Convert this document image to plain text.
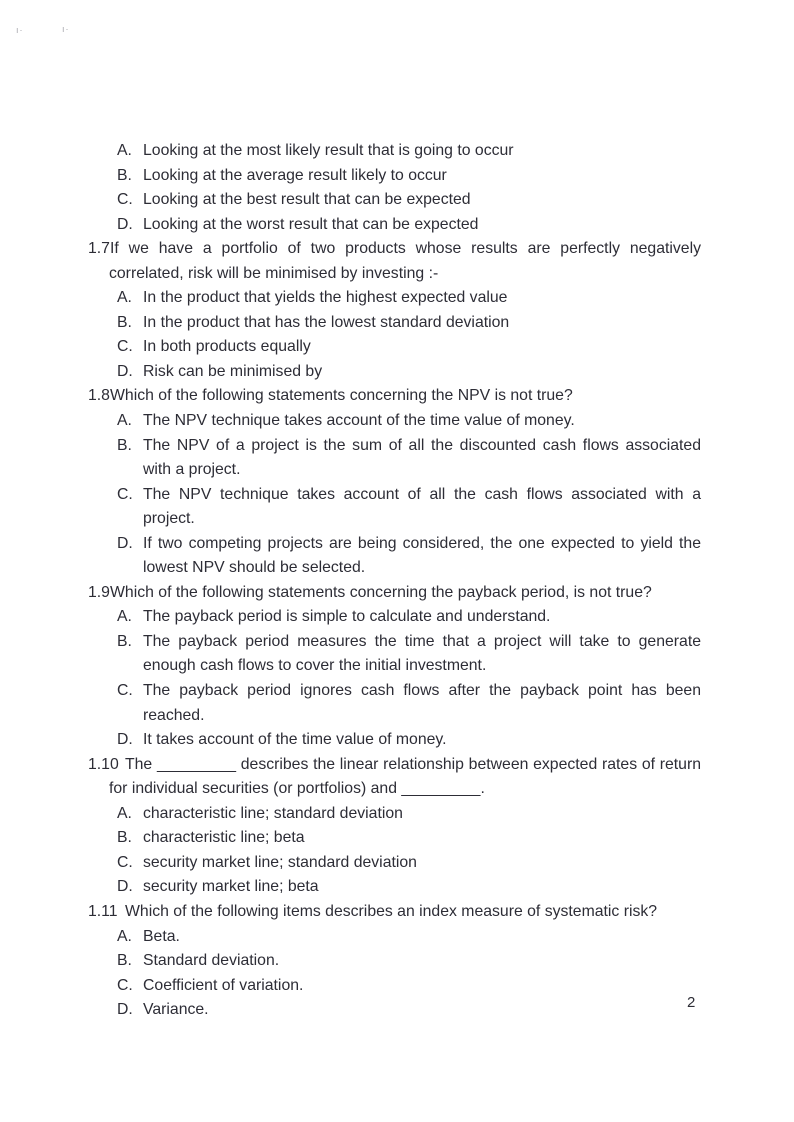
ı·	ı·

A. Looking at the most likely result that is going to occur

B. Looking at the average result likely to occur

C. Looking at the best result that can be expected

D. Looking at the worst result that can be expected

1.7If we have a portfolio of two products whose results are perfectly negatively correlated, risk will be minimised by investing :-

A. In the product that yields the highest expected value

B. In the product that has the lowest standard deviation

C. In both products equally

D. Risk can be minimised by

1.8Which of the following statements concerning the NPV is not true?

A. The NPV technique takes account of the time value of money.

B. The NPV of a project is the sum of all the discounted cash flows associated with a project.

C. The NPV technique takes account of all the cash flows associated with a project.

D. If two competing projects are being considered, the one expected to yield the lowest NPV should be selected.

1.9Which of the following statements concerning the payback period, is not true?

A. The payback period is simple to calculate and understand.

B. The payback period measures the time that a project will take to generate enough cash flows to cover the initial investment.

C. The payback period ignores cash flows after the payback point has been reached.

D. It takes account of the time value of money.

1.10 The _________ describes the linear relationship between expected rates of return for individual securities (or portfolios) and _________.

A. characteristic line; standard deviation

B. characteristic line; beta

C. security market line; standard deviation

D. security market line; beta

1.11 Which of the following items describes an index measure of systematic risk?

A. Beta.

B. Standard deviation.

C. Coefficient of variation.

D. Variance.	2
